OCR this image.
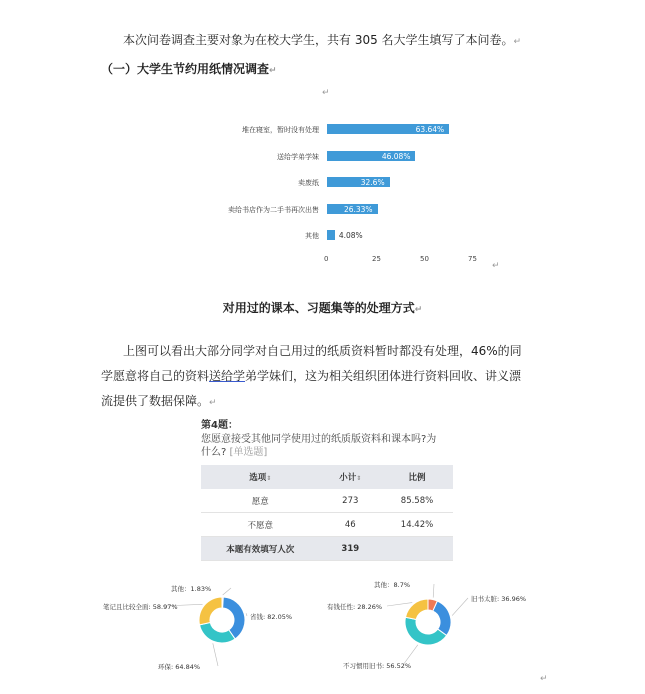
本次问卷调查主要对象为在校大学生，共有 305 名大学生填写了本问卷。↵
（一）大学生节约用纸情况调查↵
↵
堆在寝室，暂时没有处理	63.64%
送给学弟学妹	46.08%
卖废纸	32.6%
卖给书店作为二手书再次出售	26.33%
其他	4.08%
0	25	50	75
↵
对用过的课本、习题集等的处理方式↵
上图可以看出大部分同学对自己用过的纸质资料暂时都没有处理，46%的同
学愿意将自己的资料送给学弟学妹们，这为相关组织团体进行资料回收、讲义漂
流提供了数据保障。↵
第4题：
您愿意接受其他同学使用过的纸质版资料和课本吗?为
什么? [单选题]
选项⇕	小计⇕	比例
愿意	273	85.58%
不愿意	46	14.42%
本题有效填写人次	319	
其他：1.83%
省钱: 82.05%
环保: 64.84%
笔记且比较全面: 58.97%
其他：8.7%
旧书太脏: 36.96%
不习惯用旧书: 56.52%
有钱任性: 28.26%
↵
